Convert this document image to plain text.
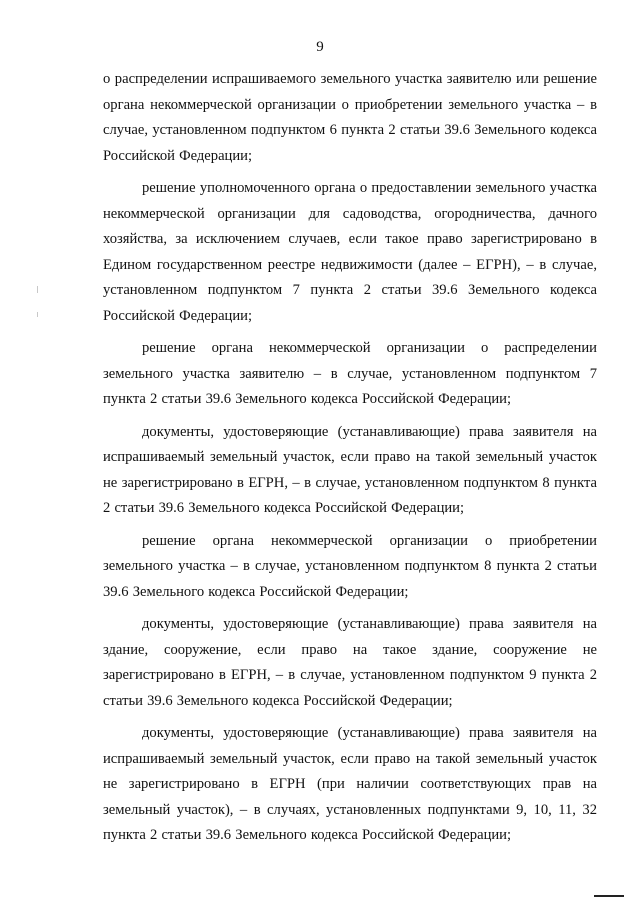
9

о распределении испрашиваемого земельного участка заявителю или решение органа некоммерческой организации о приобретении земельного участка – в случае, установленном подпунктом 6 пункта 2 статьи 39.6 Земельного кодекса Российской Федерации;

решение уполномоченного органа о предоставлении земельного участка некоммерческой организации для садоводства, огородничества, дачного хозяйства, за исключением случаев, если такое право зарегистрировано в Едином государственном реестре недвижимости (далее – ЕГРН), – в случае, установленном подпунктом 7 пункта 2 статьи 39.6 Земельного кодекса Российской Федерации;

решение органа некоммерческой организации о распределении земельного участка заявителю – в случае, установленном подпунктом 7 пункта 2 статьи 39.6 Земельного кодекса Российской Федерации;

документы, удостоверяющие (устанавливающие) права заявителя на испрашиваемый земельный участок, если право на такой земельный участок не зарегистрировано в ЕГРН, – в случае, установленном подпунктом 8 пункта 2 статьи 39.6 Земельного кодекса Российской Федерации;

решение органа некоммерческой организации о приобретении земельного участка – в случае, установленном подпунктом 8 пункта 2 статьи 39.6 Земельного кодекса Российской Федерации;

документы, удостоверяющие (устанавливающие) права заявителя на здание, сооружение, если право на такое здание, сооружение не зарегистрировано в ЕГРН, – в случае, установленном подпунктом 9 пункта 2 статьи 39.6 Земельного кодекса Российской Федерации;

документы, удостоверяющие (устанавливающие) права заявителя на испрашиваемый земельный участок, если право на такой земельный участок не зарегистрировано в ЕГРН (при наличии соответствующих прав на земельный участок), – в случаях, установленных подпунктами 9, 10, 11, 32 пункта 2 статьи 39.6 Земельного кодекса Российской Федерации;
